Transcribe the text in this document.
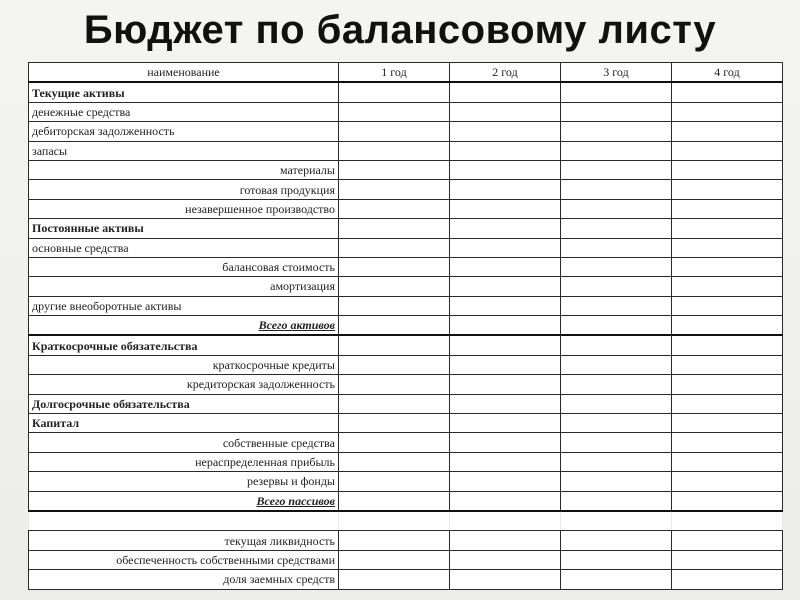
Бюджет по балансовому листу
наименование	1 год	2 год	3 год	4 год
Текущие активы				
денежные средства				
дебиторская задолженность				
запасы				
материалы				
готовая продукция				
незавершенное производство				
Постоянные активы				
основные средства				
балансовая стоимость				
амортизация				
другие внеоборотные активы				
Всего активов				
Краткосрочные обязательства				
краткосрочные кредиты				
кредиторская задолженность				
Долгосрочные обязательства				
Капитал				
собственные средства				
нераспределенная прибыль				
резервы и фонды				
Всего пассивов				

текущая ликвидность				
обеспеченность собственными средствами				
доля заемных средств				
